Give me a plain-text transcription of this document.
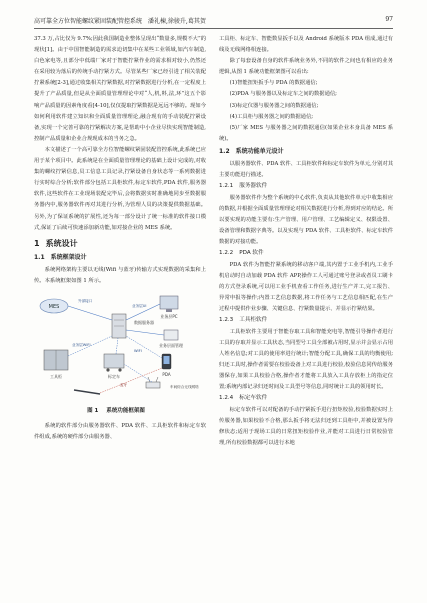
高可靠全方位智能螺纹紧固装配管控系统　潘礼楝,徐骏升,葛其贺	97

37.3 万,占比仅为 9.7%;因此我国制造业整体呈现出“数量多,规模不大”的现状[1]。由于中国智能制造的需求迫切集中在某些工业领域,如汽车制造,白色家电等,且部分中低端厂家对于智能拧紧作业的需求相对较小,仍然还在采用较为落后的传统手动拧紧方式。尽管某些厂家已经引进了相关装配拧紧系统[2-3],通过收集相关拧紧数据,对拧紧数据进行分析,在一定程度上提升了产品质量,但是从全面质量管理理论中对“人,机,料,法,环”这五个影响产品质量的因素角度看[4-10],仅仅提取拧紧数据是远远不够的。现如今如何利用软件建立知识和全面质量管理理论,融合现有的手动装配拧紧设备,实现一个完善可靠的拧紧解决方案,是帮助中小企业尽快实现智能制造,控制产品质量和企业合规现成本的当务之急。

本文描述了一个高可靠全方位智能螺纹紧固装配管控系统,此系统已应用于某个项目中。此系统是在全面质量管理理论的基础上设计完成的,对收集的螺纹拧紧信息,员工信息工具记录,拧紧设备自身状态等一系列数据进行实时综合分析;软件部分包括工具柜软件,标定车软件,PDA 软件,服务器软件,这些软件在工业现场装配完毕后,会将数据实时准确地同步至数据服务器内中,服务器软件再对其进行分析,为管理人员的决策提供数据基础。另外,为了保证系统的扩展性,还为每一部分设计了统一标准的软件接口模式,保证了后续可快速添加新功能,如对接企业的 MES 系统。

1 系统设计
1.1 系统框架设计

系统网络架构主要以无线(Wifi 与蓝牙)传输方式实现数据的采集和上传。本系统框架如图 1 所示。

MES
业务层PC
数据服务器
业务层面管理
外部接口
业务层UI
工具柜	标定车	PDA
车间综合无线网络
业务层WIFI
WIFI
蓝牙
图 1 系统功能框架图

系统的软件部分由服务器软件、PDA 软件、工具柜软件和标定车软件组成,系统的硬件部分由服务器、

工具柜、标定车、智能数显扳手以及 Android 系统版本 PDA 组成,通过有线及无线网络相连接。

除了每套设备自身的软件系统业务外,不同的软件之间也有相应的业务逻辑,从图 1 系统功能框架图可以看出:

(1)智能扭矩扳手与 PDA 的数据通信;

(2)PDA 与服务器以及标定车之间的数据通信;

(3)标定仪器与服务器之间的数据通信;

(4)工具柜与服务器之间的数据通信;

(5)厂家 MES 与服务器之间的数据通信(如果企业本身具备 MES 系统)。

1.2 系统功能单元设计

以服务器软件、PDA 软件、工具柜软件和标定车软件为单元,分别对其主要功能进行描述。

1.2.1 服务器软件

服务器软件作为整个系统的中心软件,负责从其他软件单元中收集相应的数据,并根据全面质量管理理论对相关数据进行分析,得到对应的结论。所以要实现的功能主要有:生产管理、用户管理、工艺编辑定义、权限设置、设备管理和数据字典等。以及实现与 PDA 软件、工具柜软件、标定车软件数据的对接功能。

1.2.2 PDA 软件

PDA 软件为智能拧紧系统的移动客户端,其内置于工业手机内,工业手机启动时自动加载 PDA 软件 APP,操作工人可通过账号登录或者员工刷卡的方式登录系统,可以用工业手机查看工作任务,进行生产并工,完工报告、异常申报等操作;内置工艺信息数据,将工作任务与工艺信息相匹配,在生产过程中提供作业步骤、关键信息、拧紧数量提示、并显示拧紧结果。

1.2.3 工具柜软件

工具柜软件主要用于智能存取工具和智能充电等,智能引导操作者进行工具的存取并显示工具状态,当同型号工具全部被占用时,显示并会显示占用人姓名信息;对工具的使用率进行统计;智能分配工具,确保工具的均衡使用;归还工具时,操作者需要在校验设备上对工具进行校验,校验信息同传给服务器保存,如果工具校验合格,操作者才能将工具放入工具存放柜上的指定位置;系统内部记录归还时间及工具型号等信息,同时统计工具的领用时长。

1.2.4 标定车软件

标定车软件可以对配备的手动拧紧扳手进行扭矩校验,校验数据实时上传服务器,如果校验不合格,那么扳手将无法归还到工具柜中,并被设置为待修状态;适用于现场工具的日常扭矩校验作业,并能对工具进行日常校验管理,所有校验数据都可以进行本地
